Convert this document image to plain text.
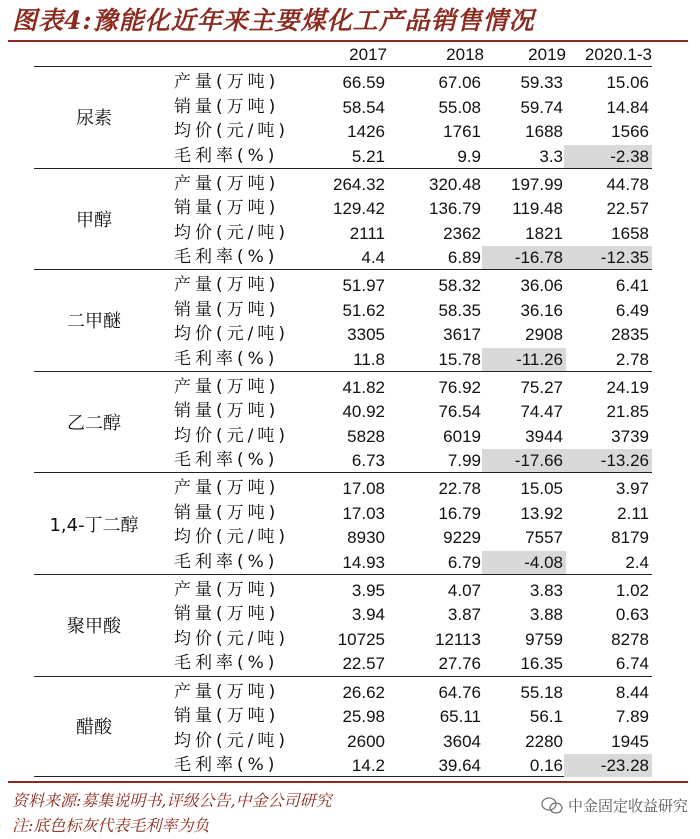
图表4:豫能化近年来主要煤化工产品销售情况
2017	2018	2019	2020.1-3
尿素
产量(万吨)	66.59	67.06	59.33	15.06
销量(万吨)	58.54	55.08	59.74	14.84
均价(元/吨)	1426	1761	1688	1566
毛利率(%)	5.21	9.9	3.3	-2.38
甲醇
产量(万吨)	264.32	320.48	197.99	44.78
销量(万吨)	129.42	136.79	119.48	22.57
均价(元/吨)	2111	2362	1821	1658
毛利率(%)	4.4	6.89	-16.78	-12.35
二甲醚
产量(万吨)	51.97	58.32	36.06	6.41
销量(万吨)	51.62	58.35	36.16	6.49
均价(元/吨)	3305	3617	2908	2835
毛利率(%)	11.8	15.78	-11.26	2.78
乙二醇
产量(万吨)	41.82	76.92	75.27	24.19
销量(万吨)	40.92	76.54	74.47	21.85
均价(元/吨)	5828	6019	3944	3739
毛利率(%)	6.73	7.99	-17.66	-13.26
1,4-丁二醇
产量(万吨)	17.08	22.78	15.05	3.97
销量(万吨)	17.03	16.79	13.92	2.11
均价(元/吨)	8930	9229	7557	8179
毛利率(%)	14.93	6.79	-4.08	2.4
聚甲酸
产量(万吨)	3.95	4.07	3.83	1.02
销量(万吨)	3.94	3.87	3.88	0.63
均价(元/吨)	10725	12113	9759	8278
毛利率(%)	22.57	27.76	16.35	6.74
醋酸
产量(万吨)	26.62	64.76	55.18	8.44
销量(万吨)	25.98	65.11	56.1	7.89
均价(元/吨)	2600	3604	2280	1945
毛利率(%)	14.2	39.64	0.16	-23.28
资料来源:募集说明书,评级公告,中金公司研究
注:底色标灰代表毛利率为负
中金固定收益研究
